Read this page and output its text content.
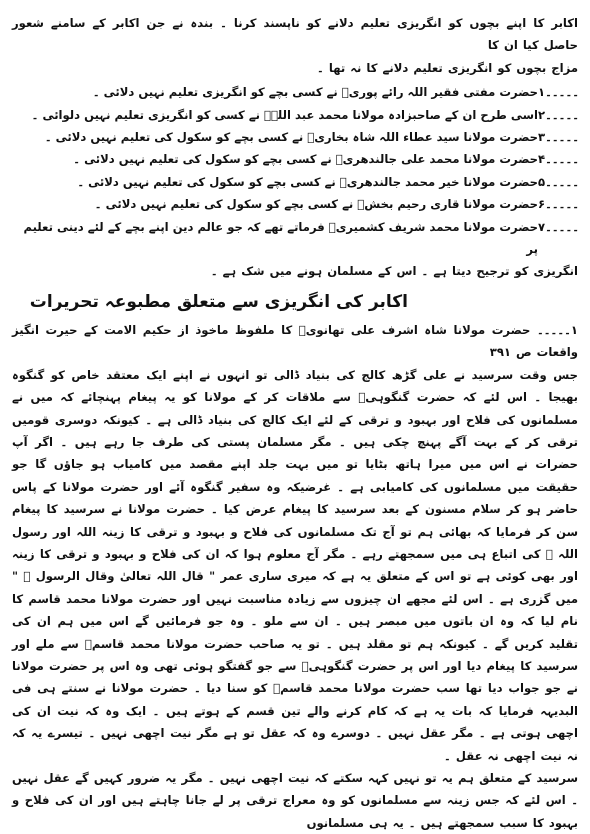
اکابر کا اپنے بچوں کو انگریزی تعلیم دلانے کو ناپسند کرنا ۔ بندہ نے جن اکابر کے سامنے شعور حاصل کیا ان کا

مزاج بچوں کو انگریزی تعلیم دلانے کا نہ تھا ۔

۱۔۔۔۔۔
حضرت مفتی فقیر اللہ رائے پوریؒ نے کسی بچے کو انگریزی تعلیم نہیں دلائی ۔
۲۔۔۔۔۔
اسی طرح ان کے صاحبزادہ مولانا محمد عبد اللہؒ نے کسی کو انگریزی تعلیم نہیں دلوائی ۔
۳۔۔۔۔۔
حضرت مولانا سید عطاء اللہ شاہ بخاریؒ نے کسی بچے کو سکول کی تعلیم نہیں دلائی ۔
۴۔۔۔۔۔
حضرت مولانا محمد علی جالندھریؒ نے کسی بچے کو سکول کی تعلیم نہیں دلائی ۔
۵۔۔۔۔۔
حضرت مولانا خیر محمد جالندھریؒ نے کسی بچے کو سکول کی تعلیم نہیں دلائی ۔
۶۔۔۔۔۔
حضرت مولانا قاری رحیم بخشؒ نے کسی بچے کو سکول کی تعلیم نہیں دلائی ۔
۷۔۔۔۔۔
حضرت مولانا محمد شریف کشمیریؒ فرماتے تھے کہ جو عالم دین اپنے بچے کے لئے دینی تعلیم پر

انگریزی کو ترجیح دیتا ہے ۔ اس کے مسلمان ہونے میں شک ہے ۔

اکابر کی انگریزی سے متعلق مطبوعہ تحریرات

۱۔۔۔۔۔ حضرت مولانا شاہ اشرف علی تھانویؒ کا ملفوظ ماخوذ از حکیم الامت کے حیرت انگیز واقعات ص ۳۹۱

جس وقت سرسید نے علی گڑھ کالج کی بنیاد ڈالی تو انہوں نے اپنے ایک معتقد خاص کو گنگوہ بھیجا ۔ اس لئے کہ حضرت گنگوہیؒ سے ملاقات کر کے مولانا کو یہ پیغام پہنچائے کہ میں نے مسلمانوں کی فلاح اور بہبود و ترقی کے لئے ایک کالج کی بنیاد ڈالی ہے ۔ کیونکہ دوسری قومیں ترقی کر کے بہت آگے پہنچ چکی ہیں ۔ مگر مسلمان پستی کی طرف جا رہے ہیں ۔ اگر آپ حضرات نے اس میں میرا ہاتھ بٹایا تو میں بہت جلد اپنے مقصد میں کامیاب ہو جاؤں گا جو حقیقت میں مسلمانوں کی کامیابی ہے ۔ غرضیکہ وہ سفیر گنگوہ آئے اور حضرت مولانا کے پاس حاضر ہو کر سلام مسنون کے بعد سرسید کا پیغام عرض کیا ۔ حضرت مولانا نے سرسید کا پیغام سن کر فرمایا کہ بھائی ہم تو آج تک مسلمانوں کی فلاح و بہبود و ترقی کا زینہ اللہ اور رسول اللہ ﷺ کی اتباع ہی میں سمجھتے رہے ۔ مگر آج معلوم ہوا کہ ان کی فلاح و بہبود و ترقی کا زینہ اور بھی کوئی ہے تو اس کے متعلق یہ ہے کہ میری ساری عمر " قال اللہ تعالیٰ وقال الرسول ﷺ " میں گزری ہے ۔ اس لئے مجھے ان چیزوں سے زیادہ مناسبت نہیں اور حضرت مولانا محمد قاسم کا نام لیا کہ وہ ان باتوں میں مبصر ہیں ۔ ان سے ملو ۔ وہ جو فرمائیں گے اس میں ہم ان کی تقلید کریں گے ۔ کیونکہ ہم تو مقلد ہیں ۔ تو یہ صاحب حضرت مولانا محمد قاسمؒ سے ملے اور سرسید کا پیغام دیا اور اس پر حضرت گنگوہیؒ سے جو گفتگو ہوئی تھی وہ اس پر حضرت مولانا نے جو جواب دیا تھا سب حضرت مولانا محمد قاسمؒ کو سنا دیا ۔ حضرت مولانا نے سنتے ہی فی البدیہہ فرمایا کہ بات یہ ہے کہ کام کرنے والے تین قسم کے ہوتے ہیں ۔ ایک وہ کہ نیت ان کی اچھی ہوتی ہے ۔ مگر عقل نہیں ۔ دوسرے وہ کہ عقل تو ہے مگر نیت اچھی نہیں ۔ تیسرے یہ کہ نہ نیت اچھی نہ عقل ۔

سرسید کے متعلق ہم یہ تو نہیں کہہ سکتے کہ نیت اچھی نہیں ۔ مگر یہ ضرور کہیں گے عقل نہیں ۔ اس لئے کہ جس زینہ سے مسلمانوں کو وہ معراج ترقی پر لے جانا چاہتے ہیں اور ان کی فلاح و بہبود کا سبب سمجھتے ہیں ۔ یہ ہی مسلمانوں
